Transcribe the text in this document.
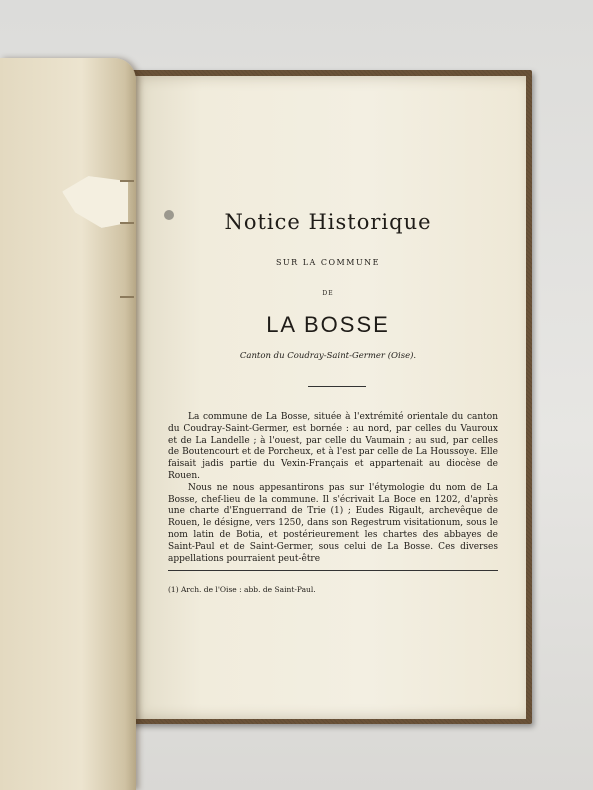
Notice Historique
SUR LA COMMUNE
DE
LA BOSSE
Canton du Coudray-Saint-Germer (Oise).

La commune de La Bosse, située à l'extrémité orientale du canton du Coudray-Saint-Germer, est bornée : au nord, par celles du Vauroux et de La Landelle ; à l'ouest, par celle du Vaumain ; au sud, par celles de Boutencourt et de Porcheux, et à l'est par celle de La Houssoye. Elle faisait jadis partie du Vexin-Français et appartenait au diocèse de Rouen.

Nous ne nous appesantirons pas sur l'étymologie du nom de La Bosse, chef-lieu de la commune. Il s'écrivait La Boce en 1202, d'après une charte d'Enguerrand de Trie (1) ; Eudes Rigault, archevêque de Rouen, le désigne, vers 1250, dans son Regestrum visitationum, sous le nom latin de Botia, et postérieurement les chartes des abbayes de Saint-Paul et de Saint-Germer, sous celui de La Bosse. Ces diverses appellations pourraient peut-être

(1) Arch. de l'Oise : abb. de Saint-Paul.
